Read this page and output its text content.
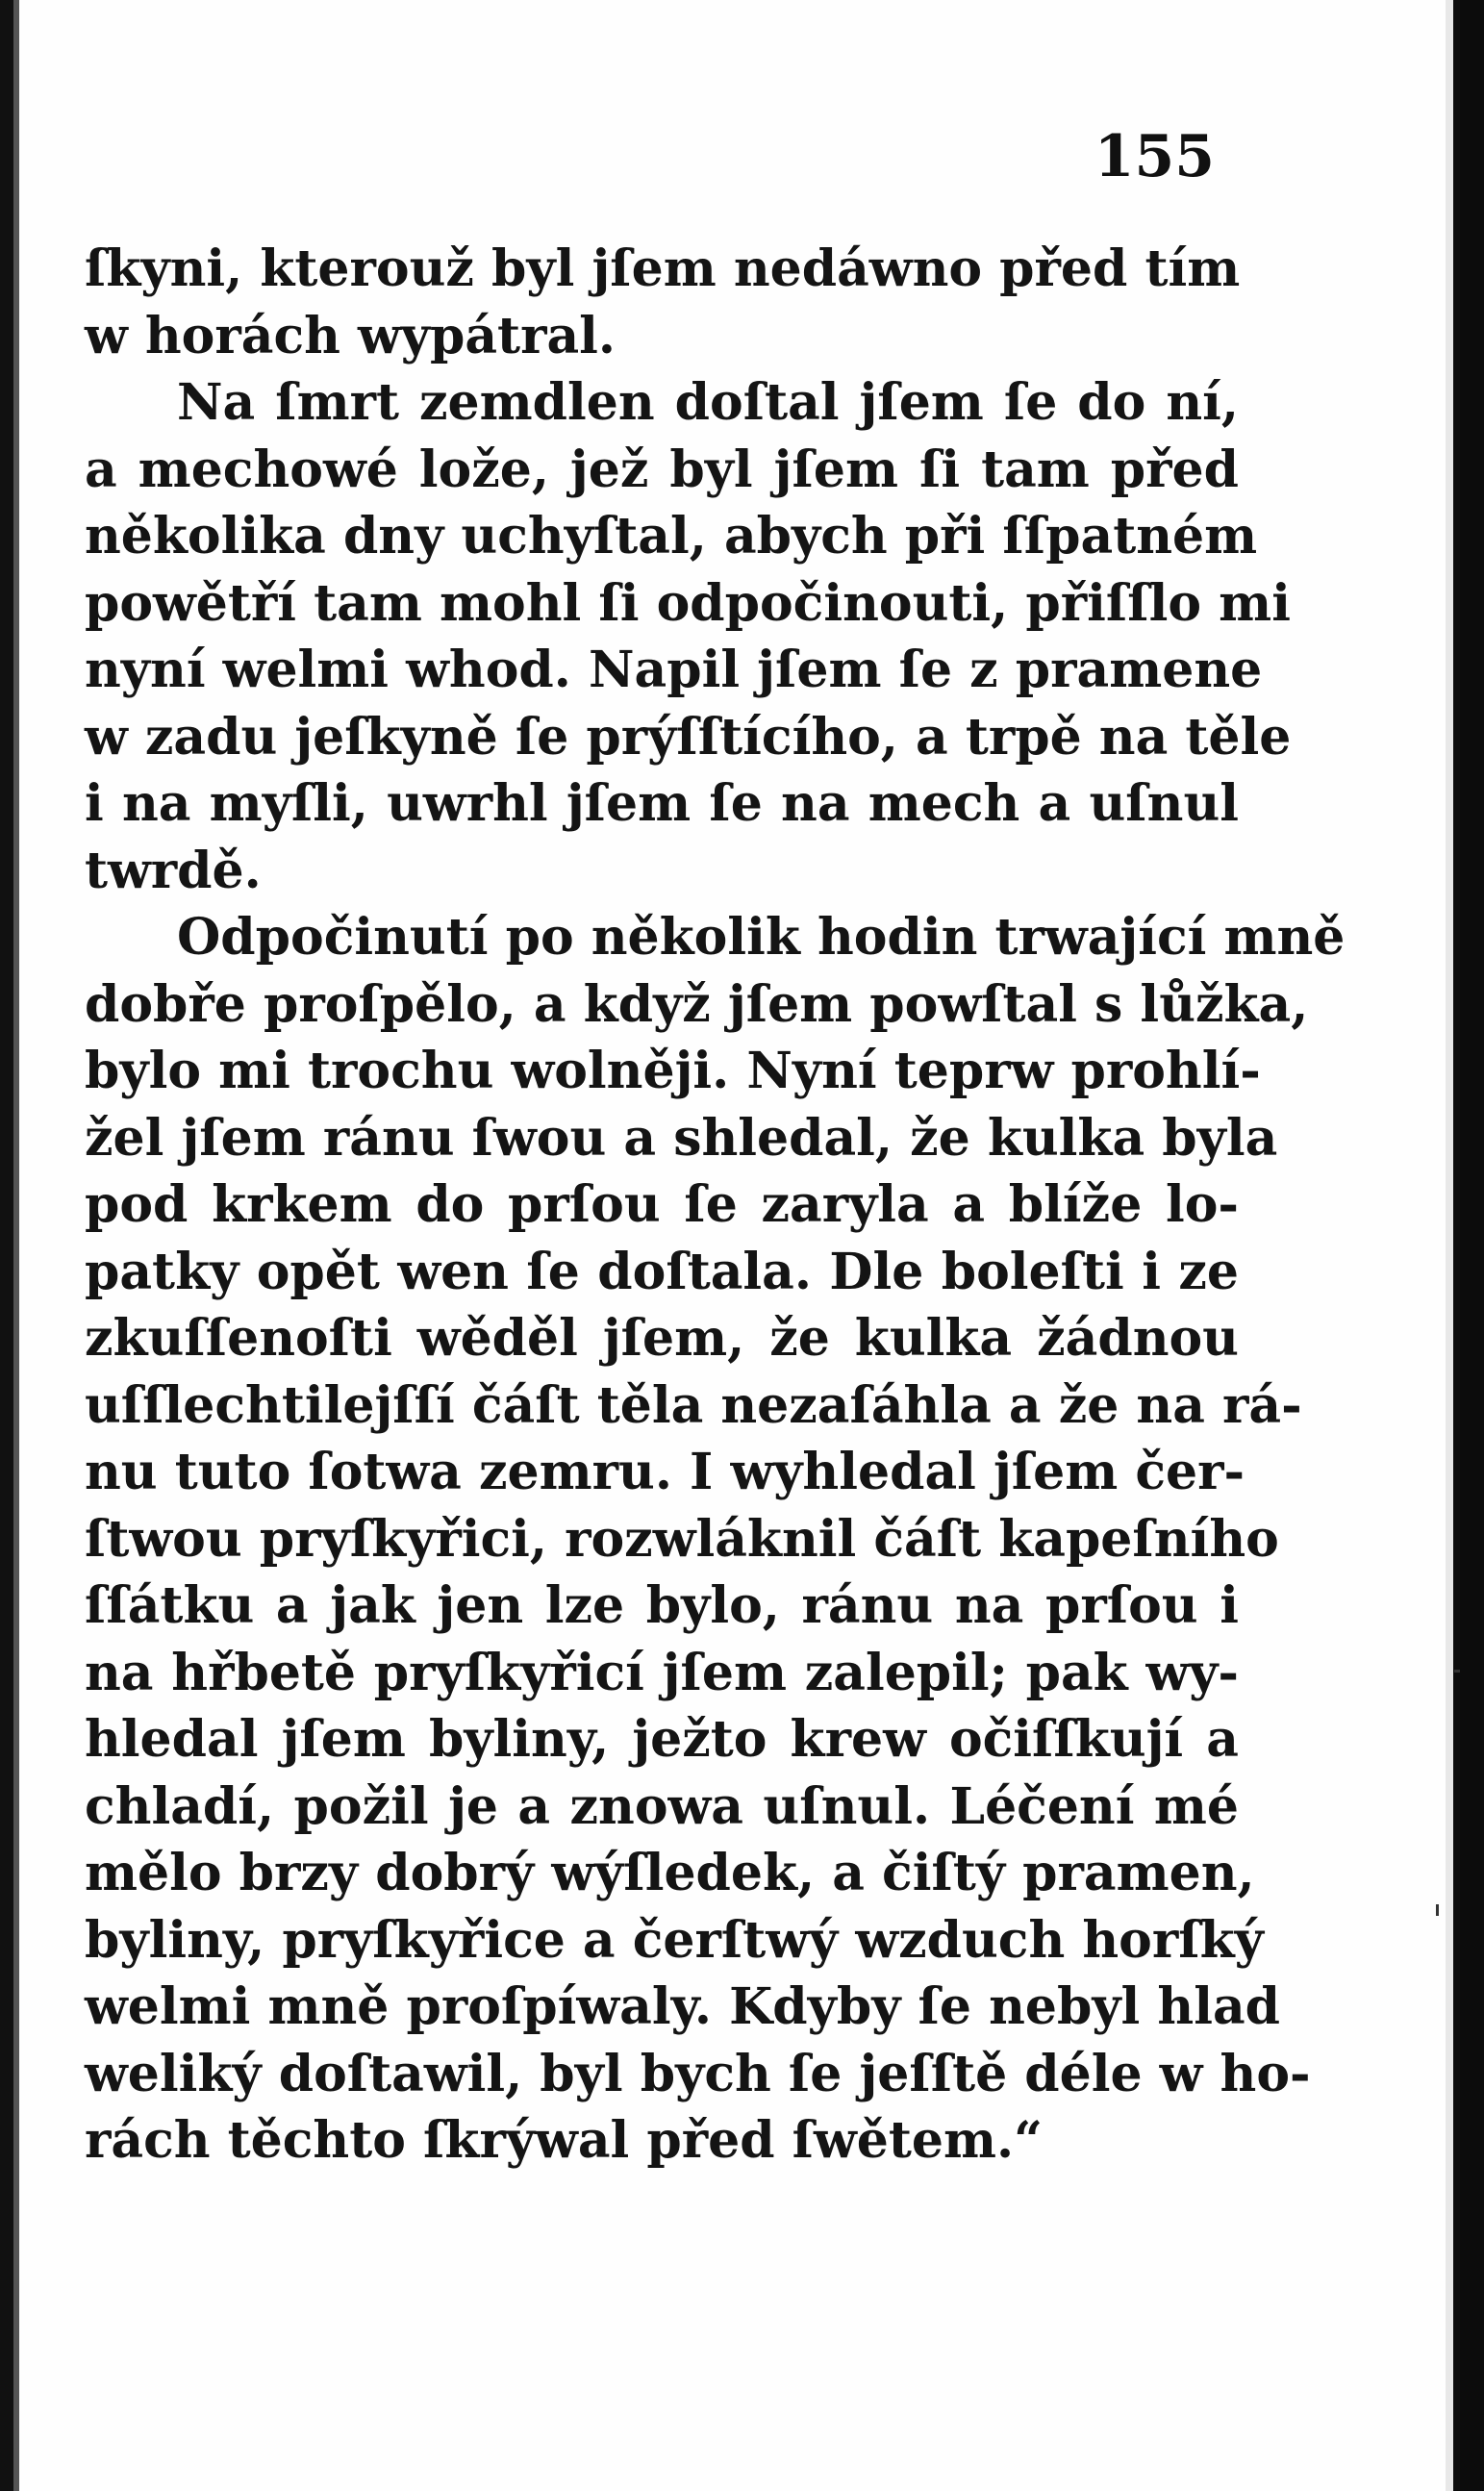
155

ſkyni, kterouž byl jſem nedáwno před tím
w horách wypátral.
Na ſmrt zemdlen doſtal jſem ſe do ní,
a mechowé lože, jež byl jſem ſi tam před
několika dny uchyſtal, abych při ſſpatném
powětří tam mohl ſi odpočinouti, přiſſlo mi
nyní welmi whod. Napil jſem ſe z pramene
w zadu jeſkyně ſe prýſſtícího, a trpě na těle
i na myſli, uwrhl jſem ſe na mech a uſnul
twrdě.
Odpočinutí po několik hodin trwající mně
dobře proſpělo, a když jſem powſtal s lůžka,
bylo mi trochu wolněji. Nyní teprw prohlí-
žel jſem ránu ſwou a shledal, že kulka byla
pod krkem do prſou ſe zaryla a blíže lo-
patky opět wen ſe doſtala. Dle boleſti i ze
zkuſſenoſti wěděl jſem, že kulka žádnou
uſſlechtilejſſí čáſt těla nezaſáhla a že na rá-
nu tuto ſotwa zemru. I wyhledal jſem čer-
ſtwou pryſkyřici, rozwláknil čáſt kapeſního
ſſátku a jak jen lze bylo, ránu na prſou i
na hřbetě pryſkyřicí jſem zalepil; pak wy-
hledal jſem byliny, ježto krew očiſſkují a
chladí, požil je a znowa uſnul. Léčení mé
mělo brzy dobrý wýſledek, a čiſtý pramen,
byliny, pryſkyřice a čerſtwý wzduch horſký
welmi mně proſpíwaly. Kdyby ſe nebyl hlad
weliký doſtawil, byl bych ſe jeſſtě déle w ho-
rách těchto ſkrýwal před ſwětem.“
